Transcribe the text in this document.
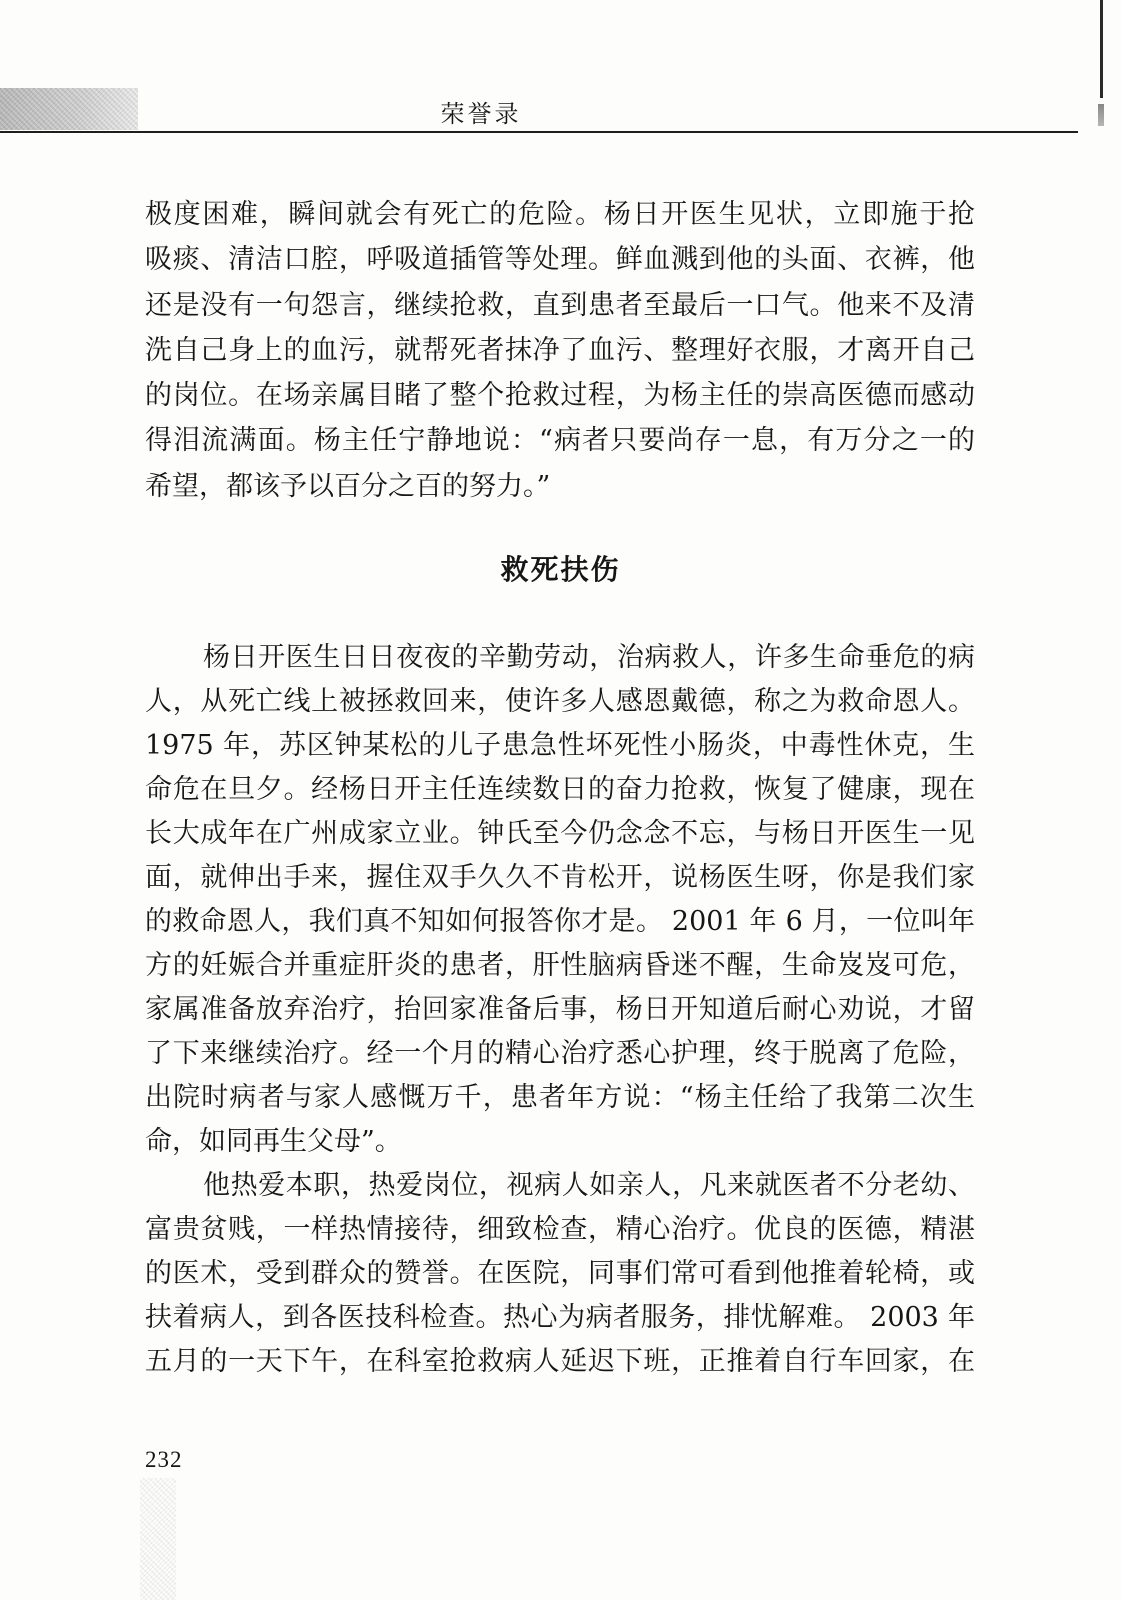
荣誉录
极度困难，瞬间就会有死亡的危险。杨日开医生见状，立即施于抢
吸痰、清洁口腔，呼吸道插管等处理。鲜血溅到他的头面、衣裤，他
还是没有一句怨言，继续抢救，直到患者至最后一口气。他来不及清
洗自己身上的血污，就帮死者抹净了血污、整理好衣服，才离开自己
的岗位。在场亲属目睹了整个抢救过程，为杨主任的崇高医德而感动
得泪流满面。杨主任宁静地说：“病者只要尚存一息，有万分之一的
希望，都该予以百分之百的努力。”
救死扶伤
杨日开医生日日夜夜的辛勤劳动，治病救人，许多生命垂危的病
人，从死亡线上被拯救回来，使许多人感恩戴德，称之为救命恩人。
1975 年，苏区钟某松的儿子患急性坏死性小肠炎，中毒性休克，生
命危在旦夕。经杨日开主任连续数日的奋力抢救，恢复了健康，现在
长大成年在广州成家立业。钟氏至今仍念念不忘，与杨日开医生一见
面，就伸出手来，握住双手久久不肯松开，说杨医生呀，你是我们家
的救命恩人，我们真不知如何报答你才是。 2001 年 6 月，一位叫年
方的妊娠合并重症肝炎的患者，肝性脑病昏迷不醒，生命岌岌可危，
家属准备放弃治疗，抬回家准备后事，杨日开知道后耐心劝说，才留
了下来继续治疗。经一个月的精心治疗悉心护理，终于脱离了危险，
出院时病者与家人感慨万千，患者年方说：“杨主任给了我第二次生
命，如同再生父母”。
他热爱本职，热爱岗位，视病人如亲人，凡来就医者不分老幼、
富贵贫贱，一样热情接待，细致检查，精心治疗。优良的医德，精湛
的医术，受到群众的赞誉。在医院，同事们常可看到他推着轮椅，或
扶着病人，到各医技科检查。热心为病者服务，排忧解难。 2003 年
五月的一天下午，在科室抢救病人延迟下班，正推着自行车回家，在
232
